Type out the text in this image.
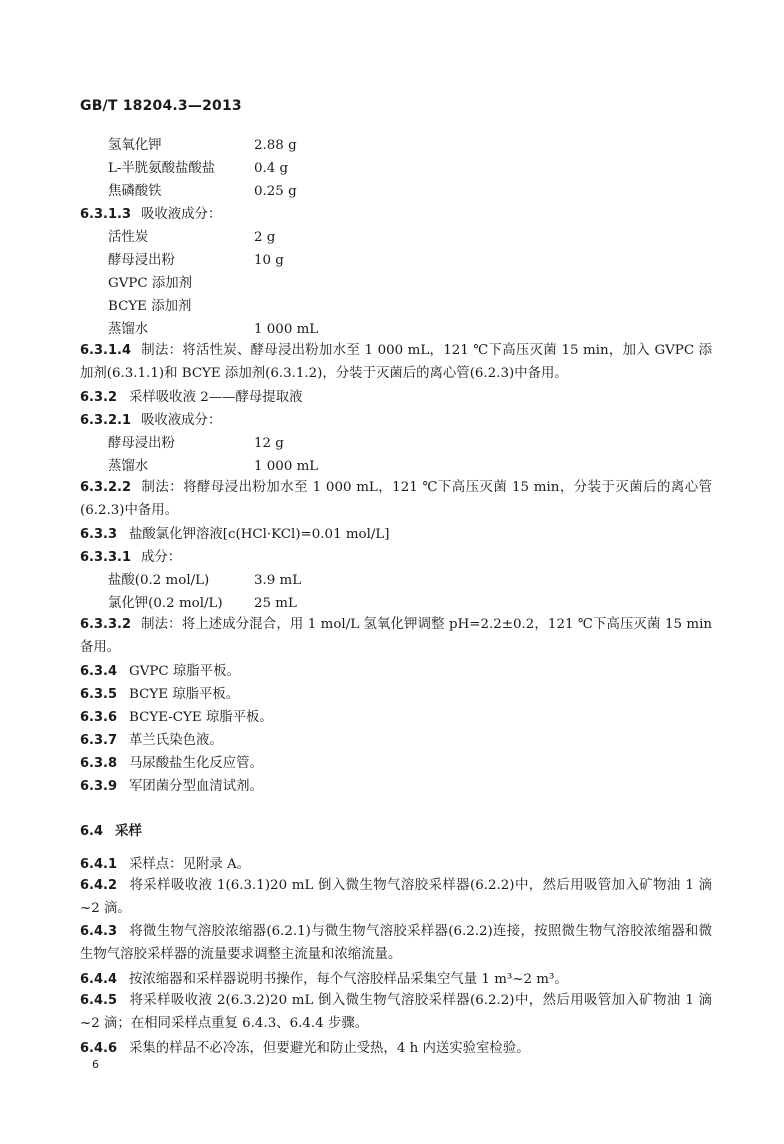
GB/T 18204.3—2013
氢氧化钾	2.88 g
L-半胱氨酸盐酸盐	0.4 g
焦磷酸铁	0.25 g
6.3.1.3 吸收液成分：
活性炭	2 g
酵母浸出粉	10 g
GVPC 添加剂
BCYE 添加剂
蒸馏水	1 000 mL
6.3.1.4 制法：将活性炭、酵母浸出粉加水至 1 000 mL，121 ℃下高压灭菌 15 min，加入 GVPC 添加剂(6.3.1.1)和 BCYE 添加剂(6.3.1.2)，分装于灭菌后的离心管(6.2.3)中备用。
6.3.2 采样吸收液 2——酵母提取液
6.3.2.1 吸收液成分：
酵母浸出粉	12 g
蒸馏水	1 000 mL
6.3.2.2 制法：将酵母浸出粉加水至 1 000 mL，121 ℃下高压灭菌 15 min，分装于灭菌后的离心管(6.2.3)中备用。
6.3.3 盐酸氯化钾溶液[c(HCl·KCl)=0.01 mol/L]
6.3.3.1 成分：
盐酸(0.2 mol/L)	3.9 mL
氯化钾(0.2 mol/L) 25 mL
6.3.3.2 制法：将上述成分混合，用 1 mol/L 氢氧化钾调整 pH=2.2±0.2，121 ℃下高压灭菌 15 min 备用。
6.3.4 GVPC 琼脂平板。
6.3.5 BCYE 琼脂平板。
6.3.6 BCYE-CYE 琼脂平板。
6.3.7 革兰氏染色液。
6.3.8 马尿酸盐生化反应管。
6.3.9 军团菌分型血清试剂。
6.4 采样
6.4.1 采样点：见附录 A。
6.4.2 将采样吸收液 1(6.3.1)20 mL 倒入微生物气溶胶采样器(6.2.2)中，然后用吸管加入矿物油 1 滴~2 滴。
6.4.3 将微生物气溶胶浓缩器(6.2.1)与微生物气溶胶采样器(6.2.2)连接，按照微生物气溶胶浓缩器和微生物气溶胶采样器的流量要求调整主流量和浓缩流量。
6.4.4 按浓缩器和采样器说明书操作，每个气溶胶样品采集空气量 1 m³~2 m³。
6.4.5 将采样吸收液 2(6.3.2)20 mL 倒入微生物气溶胶采样器(6.2.2)中，然后用吸管加入矿物油 1 滴~2 滴；在相同采样点重复 6.4.3、6.4.4 步骤。
6.4.6 采集的样品不必冷冻，但要避光和防止受热，4 h 内送实验室检验。
6
